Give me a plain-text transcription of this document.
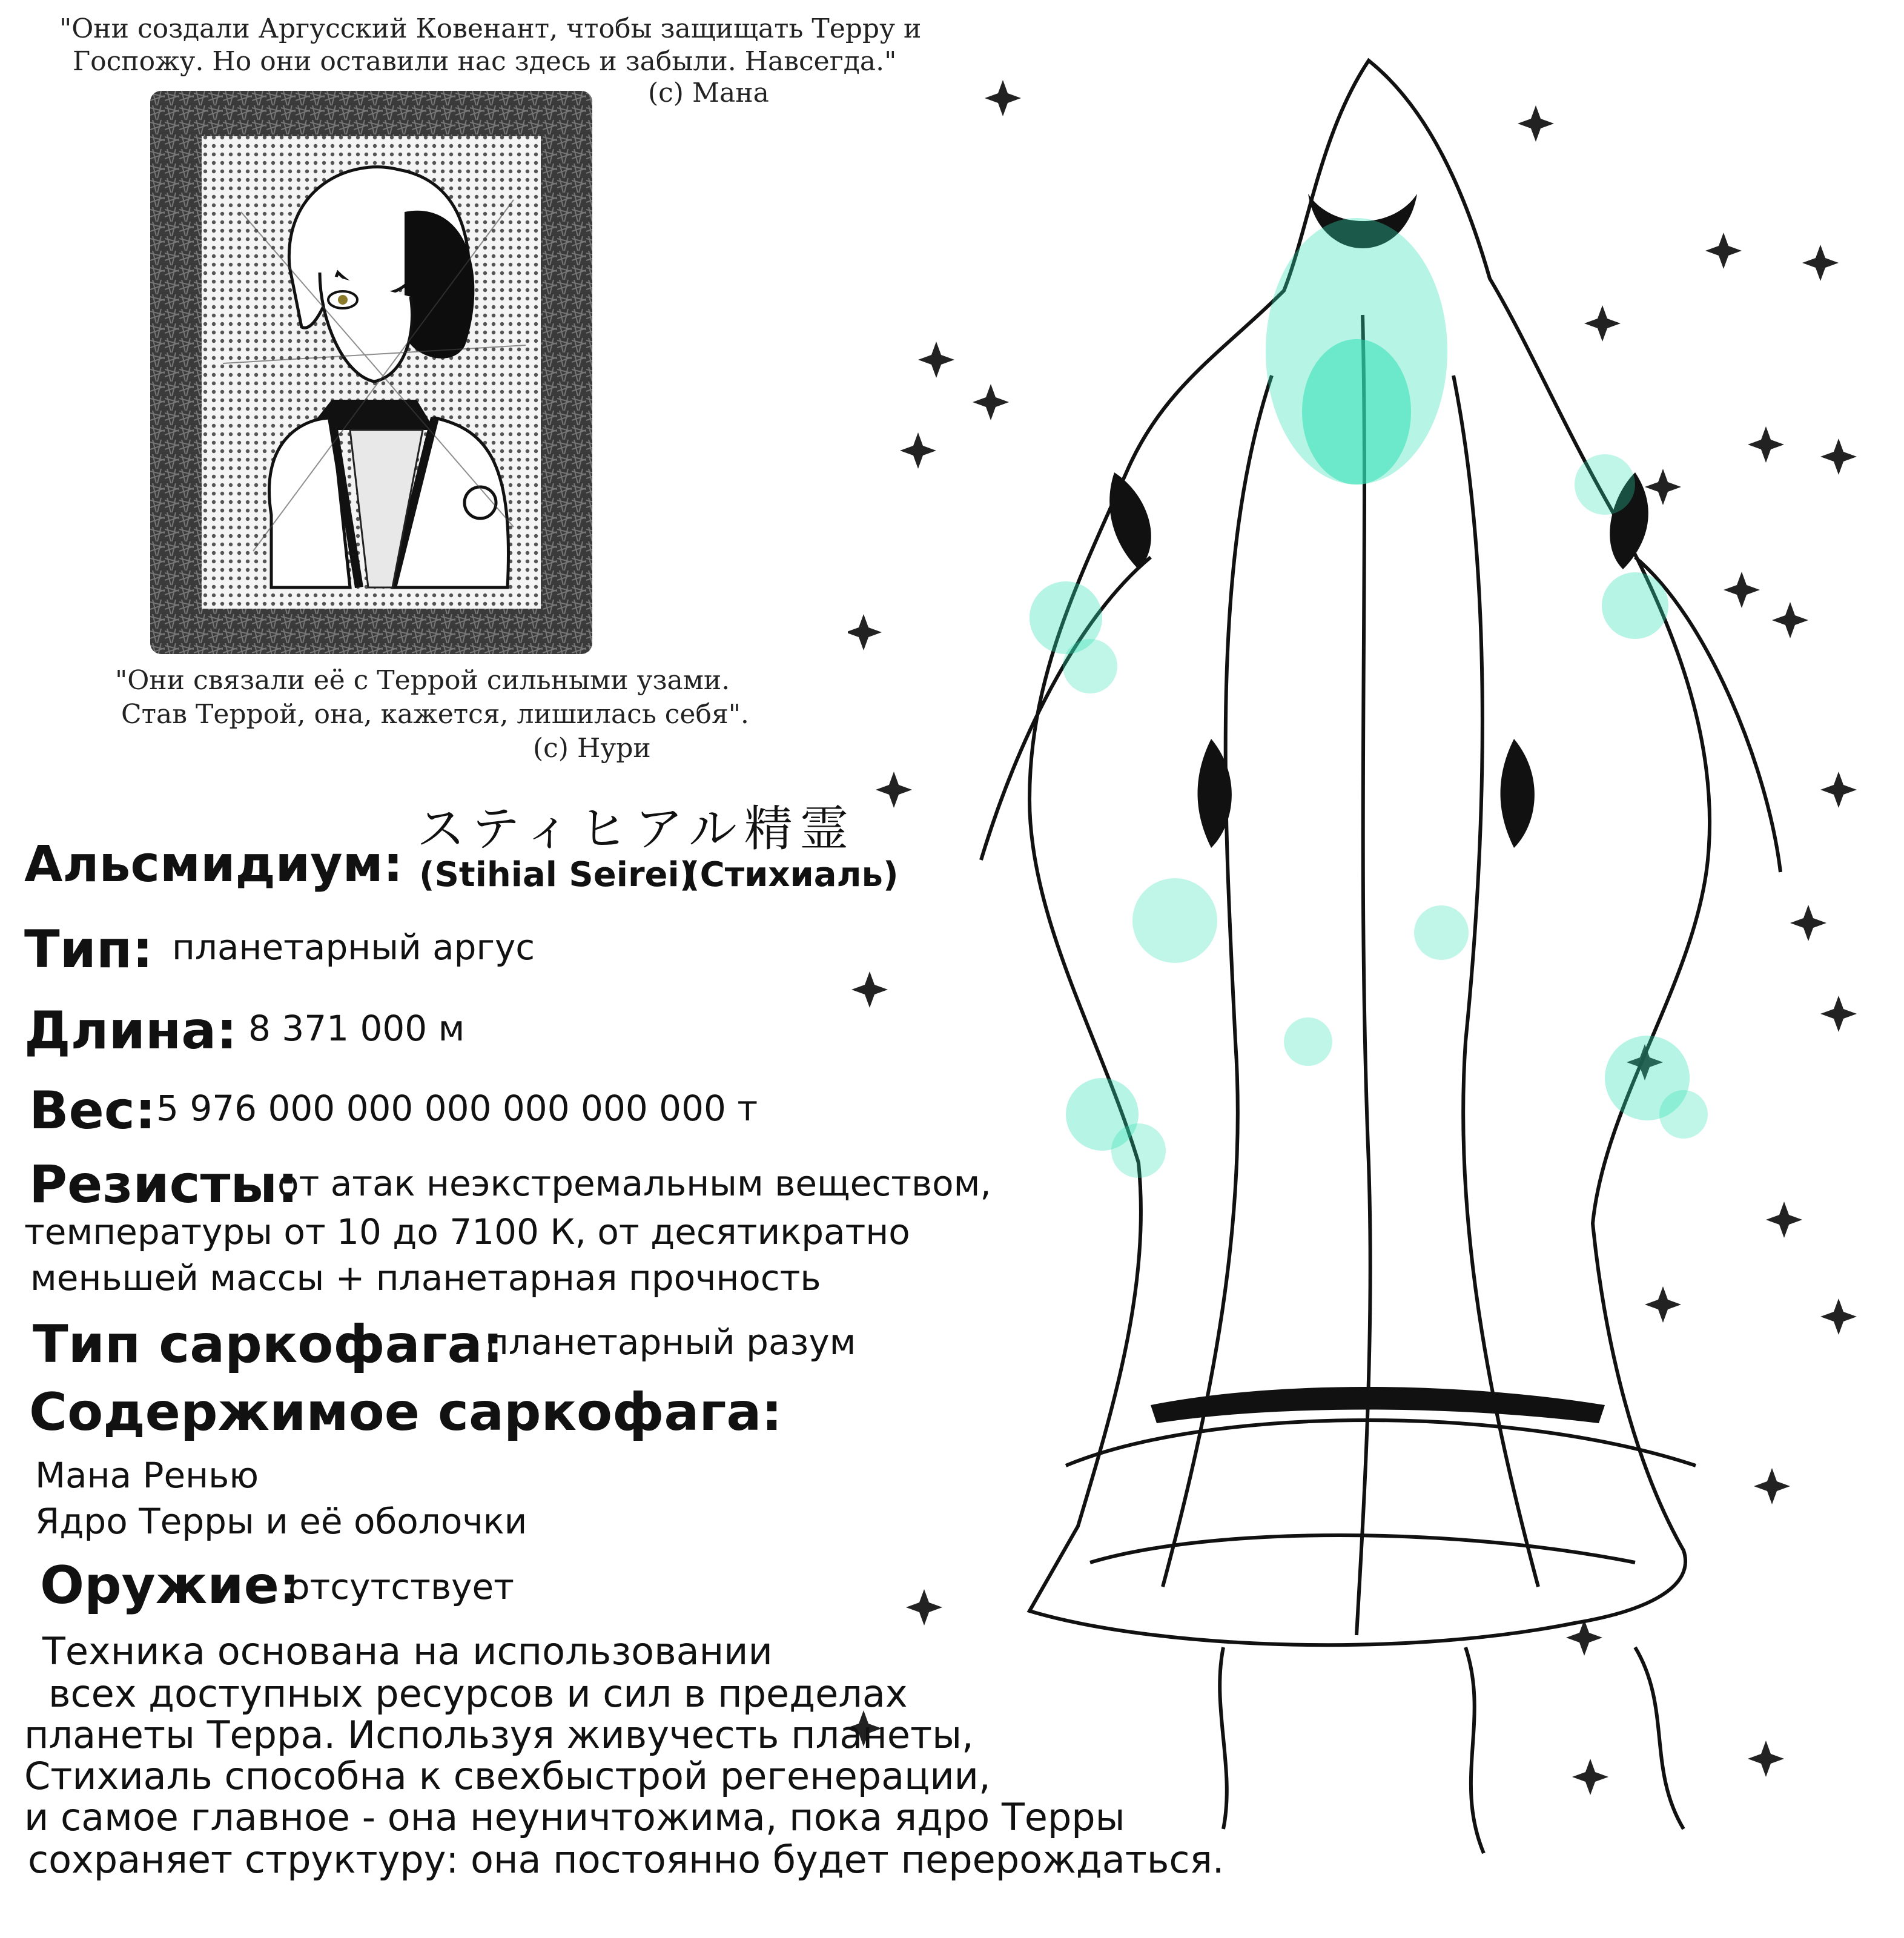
"Они создали Аргусский Ковенант, чтобы защищать Терру и
Госпожу. Но они оставили нас здесь и забыли. Навсегда."
(с) Мана
"Они связали её с Террой сильными узами.
Став Террой, она, кажется, лишилась себя".
(с) Нури
スティヒアル精霊
Альсмидиум: (Stihial Seirei)
(Стихиаль)
Тип: планетарный аргус
Длина: 8 371 000 м
Вес: 5 976 000 000 000 000 000 000 т
Резисты:
от атак неэкстремальным веществом,
температуры от 10 до 7100 К, от десятикратно
меньшей массы + планетарная прочность
Тип саркофага:
планетарный разум
Содержимое саркофага:
Мана Ренью
Ядро Терры и её оболочки
Оружие:
отсутствует
Техника основана на использовании
всех доступных ресурсов и сил в пределах
планеты Терра. Используя живучесть планеты,
Стихиаль способна к свехбыстрой регенерации,
и самое главное - она неуничтожима, пока ядро Терры
сохраняет структуру: она постоянно будет перерождаться.
